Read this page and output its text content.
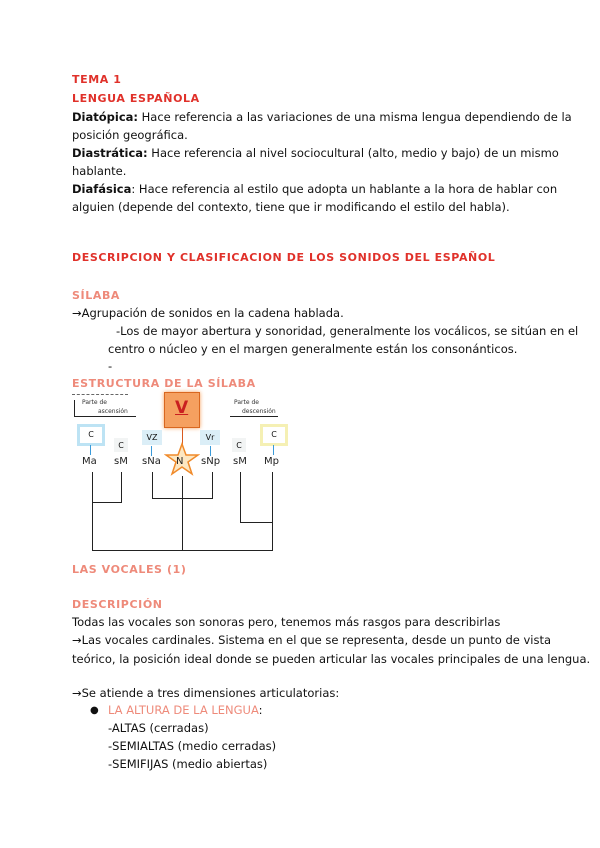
TEMA 1
LENGUA ESPAÑOLA
Diatópica: Hace referencia a las variaciones de una misma lengua dependiendo de la
posición geográfica.
Diastrática: Hace referencia al nivel sociocultural (alto, medio y bajo) de un mismo
hablante.
Diafásica: Hace referencia al estilo que adopta un hablante a la hora de hablar con
alguien (depende del contexto, tiene que ir modificando el estilo del habla).
DESCRIPCION Y CLASIFICACION DE LOS SONIDOS DEL ESPAÑOL
SÍLABA
→Agrupación de sonidos en la cadena hablada.
-Los de mayor abertura y sonoridad, generalmente los vocálicos, se sitúan en el
centro o núcleo y en el margen generalmente están los consonánticos.
-
ESTRUCTURA DE LA SÍLABA
Parte de
ascensión
Parte de
descensión
V
C
C
VZ	Vr
C
C
Ma sM sNa N sNp sM Mp
LAS VOCALES (1)
DESCRIPCIÓN
Todas las vocales son sonoras pero, tenemos más rasgos para describirlas
→Las vocales cardinales. Sistema en el que se representa, desde un punto de vista
teórico, la posición ideal donde se pueden articular las vocales principales de una lengua.
→Se atiende a tres dimensiones articulatorias:
● LA ALTURA DE LA LENGUA:
-ALTAS (cerradas)
-SEMIALTAS (medio cerradas)
-SEMIFIJAS (medio abiertas)
